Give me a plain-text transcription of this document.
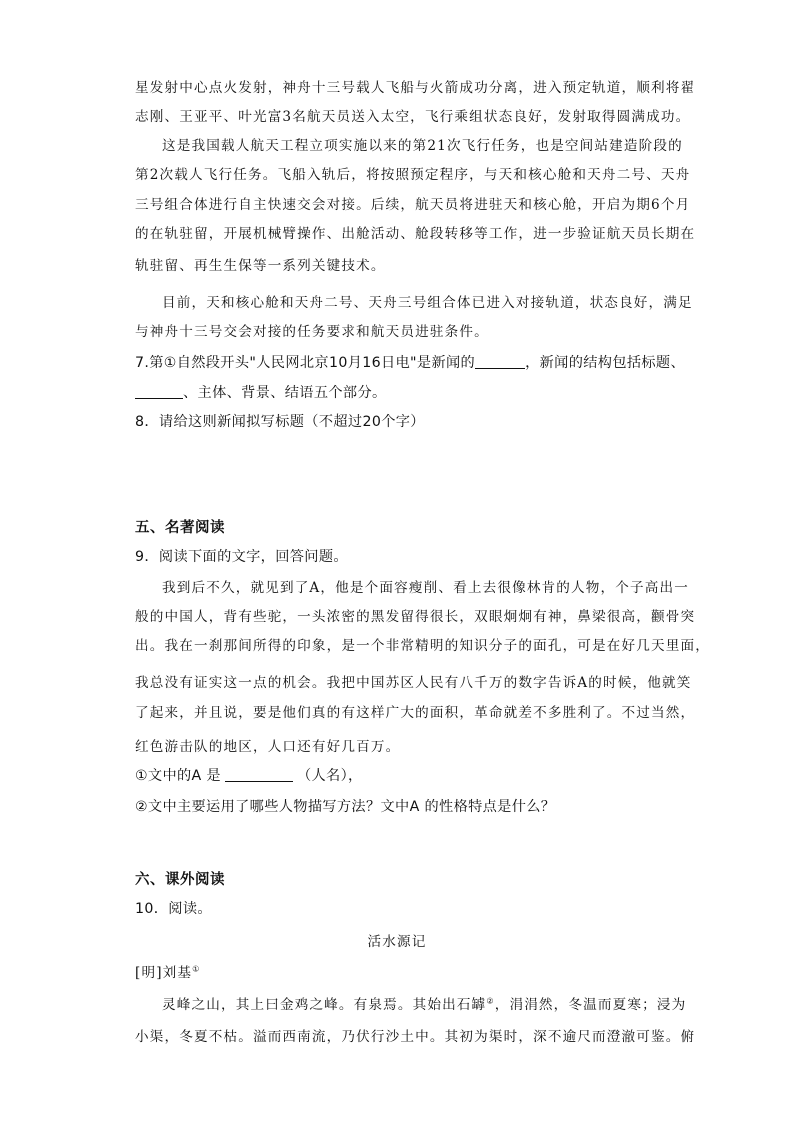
星发射中心点火发射，神舟十三号载人飞船与火箭成功分离，进入预定轨道，顺利将翟
志刚、王亚平、叶光富3名航天员送入太空，飞行乘组状态良好，发射取得圆满成功。
这是我国载人航天工程立项实施以来的第21次飞行任务，也是空间站建造阶段的
第2次载人飞行任务。飞船入轨后，将按照预定程序，与天和核心舱和天舟二号、天舟
三号组合体进行自主快速交会对接。后续，航天员将进驻天和核心舱，开启为期6个月
的在轨驻留，开展机械臂操作、出舱活动、舱段转移等工作，进一步验证航天员长期在
轨驻留、再生生保等一系列关键技术。
目前，天和核心舱和天舟二号、天舟三号组合体已进入对接轨道，状态良好，满足
与神舟十三号交会对接的任务要求和航天员进驻条件。
7.第①自然段开头"人民网北京10月16日电"是新闻的	，新闻的结构包括标题、
、主体、背景、结语五个部分。
8．请给这则新闻拟写标题（不超过20个字）
五、名著阅读
9．阅读下面的文字，回答问题。
我到后不久，就见到了A，他是个面容瘦削、看上去很像林肯的人物，个子高出一
般的中国人，背有些驼，一头浓密的黑发留得很长，双眼炯炯有神，鼻梁很高，颧骨突
出。我在一刹那间所得的印象，是一个非常精明的知识分子的面孔，可是在好几天里面，
我总没有证实这一点的机会。我把中国苏区人民有八千万的数字告诉A的时候，他就笑
了起来，并且说，要是他们真的有这样广大的面积，革命就差不多胜利了。不过当然，
红色游击队的地区，人口还有好几百万。
①文中的A 是	（人名），
②文中主要运用了哪些人物描写方法？文中A 的性格特点是什么？
六、课外阅读
10．阅读。
活水源记
[明]刘基①
灵峰之山，其上曰金鸡之峰。有泉焉。其始出石罅②，涓涓然，冬温而夏寒；浸为
小渠，冬夏不枯。溢而西南流，乃伏行沙土中。其初为渠时，深不逾尺而澄澈可鉴。俯
